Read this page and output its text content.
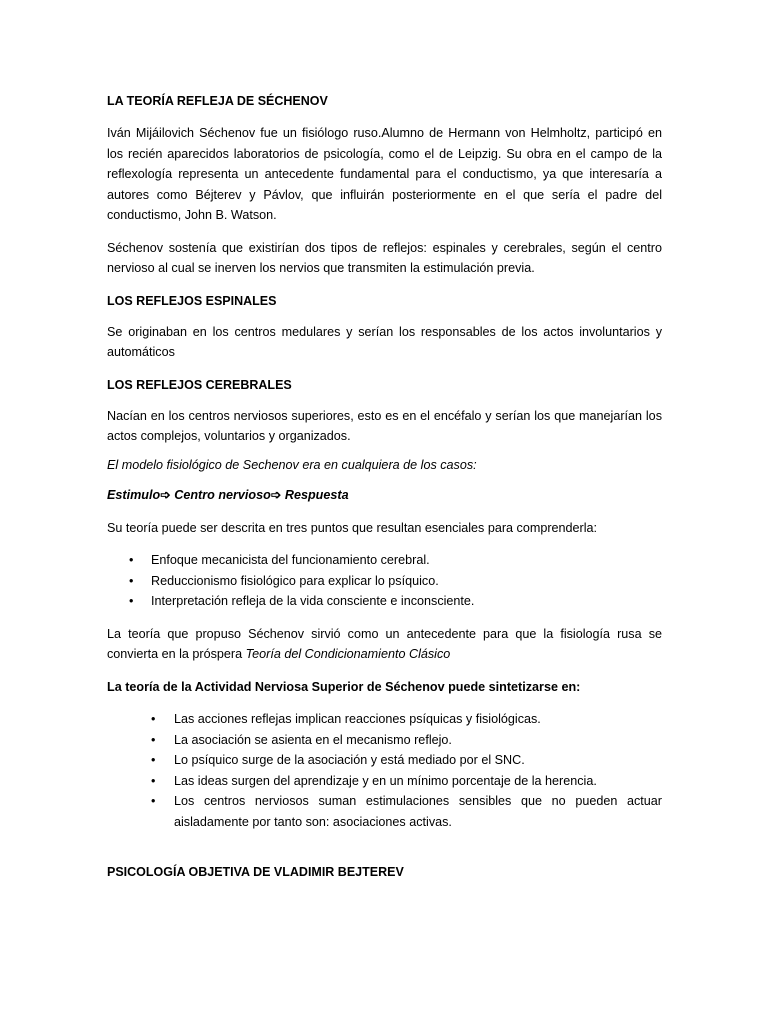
LA TEORÍA REFLEJA DE SÉCHENOV

Iván Mijáilovich Séchenov fue un fisiólogo ruso.Alumno de Hermann von Helmholtz, participó en los recién aparecidos laboratorios de psicología, como el de Leipzig. Su obra en el campo de la reflexología representa un antecedente fundamental para el conductismo, ya que interesaría a autores como Béjterev y Pávlov, que influirán posteriormente en el que sería el padre del conductismo, John B. Watson.

Séchenov sostenía que existirían dos tipos de reflejos: espinales y cerebrales, según el centro nervioso al cual se inerven los nervios que transmiten la estimulación previa.

LOS REFLEJOS ESPINALES

Se originaban en los centros medulares y serían los responsables de los actos involuntarios y automáticos

LOS REFLEJOS CEREBRALES

Nacían en los centros nerviosos superiores, esto es en el encéfalo y serían los que manejarían los actos complejos, voluntarios y organizados.

El modelo fisiológico de Sechenov era en cualquiera de los casos:

Estimulo➩ Centro nervioso➩ Respuesta

Su teoría puede ser descrita en tres puntos que resultan esenciales para comprenderla:

• Enfoque mecanicista del funcionamiento cerebral.
• Reduccionismo fisiológico para explicar lo psíquico.
• Interpretación refleja de la vida consciente e inconsciente.

La teoría que propuso Séchenov sirvió como un antecedente para que la fisiología rusa se convierta en la próspera Teoría del Condicionamiento Clásico

La teoría de la Actividad Nerviosa Superior de Séchenov puede sintetizarse en:

• Las acciones reflejas implican reacciones psíquicas y fisiológicas.
• La asociación se asienta en el mecanismo reflejo.
• Lo psíquico surge de la asociación y está mediado por el SNC.
• Las ideas surgen del aprendizaje y en un mínimo porcentaje de la herencia.
• Los centros nerviosos suman estimulaciones sensibles que no pueden actuar aisladamente por tanto son: asociaciones activas.
PSICOLOGÍA OBJETIVA DE VLADIMIR BEJTEREV
